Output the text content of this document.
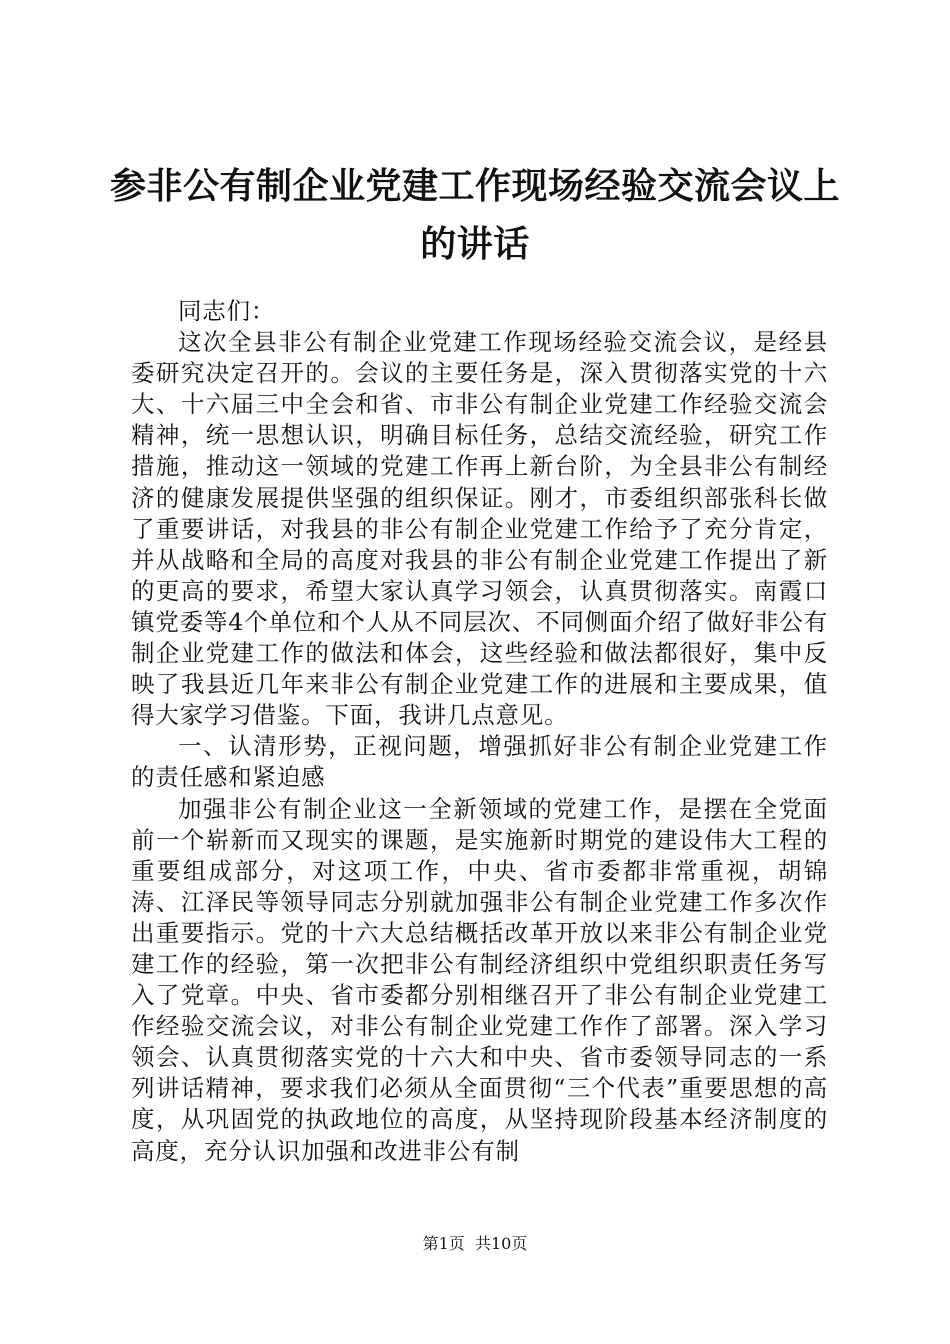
参非公有制企业党建工作现场经验交流会议上的讲话

同志们：

这次全县非公有制企业党建工作现场经验交流会议，是经县委研究决定召开的。会议的主要任务是，深入贯彻落实党的十六大、十六届三中全会和省、市非公有制企业党建工作经验交流会精神，统一思想认识，明确目标任务，总结交流经验，研究工作措施，推动这一领域的党建工作再上新台阶，为全县非公有制经济的健康发展提供坚强的组织保证。刚才，市委组织部张科长做了重要讲话，对我县的非公有制企业党建工作给予了充分肯定，并从战略和全局的高度对我县的非公有制企业党建工作提出了新的更高的要求，希望大家认真学习领会，认真贯彻落实。南霞口镇党委等4个单位和个人从不同层次、不同侧面介绍了做好非公有制企业党建工作的做法和体会，这些经验和做法都很好，集中反映了我县近几年来非公有制企业党建工作的进展和主要成果，值得大家学习借鉴。下面，我讲几点意见。

一、认清形势，正视问题，增强抓好非公有制企业党建工作的责任感和紧迫感

加强非公有制企业这一全新领域的党建工作，是摆在全党面前一个崭新而又现实的课题，是实施新时期党的建设伟大工程的重要组成部分，对这项工作，中央、省市委都非常重视，胡锦涛、江泽民等领导同志分别就加强非公有制企业党建工作多次作出重要指示。党的十六大总结概括改革开放以来非公有制企业党建工作的经验，第一次把非公有制经济组织中党组织职责任务写入了党章。中央、省市委都分别相继召开了非公有制企业党建工作经验交流会议，对非公有制企业党建工作作了部署。深入学习领会、认真贯彻落实党的十六大和中央、省市委领导同志的一系列讲话精神，要求我们必须从全面贯彻“三个代表”重要思想的高度，从巩固党的执政地位的高度，从坚持现阶段基本经济制度的高度，充分认识加强和改进非公有制

第1页 共10页
